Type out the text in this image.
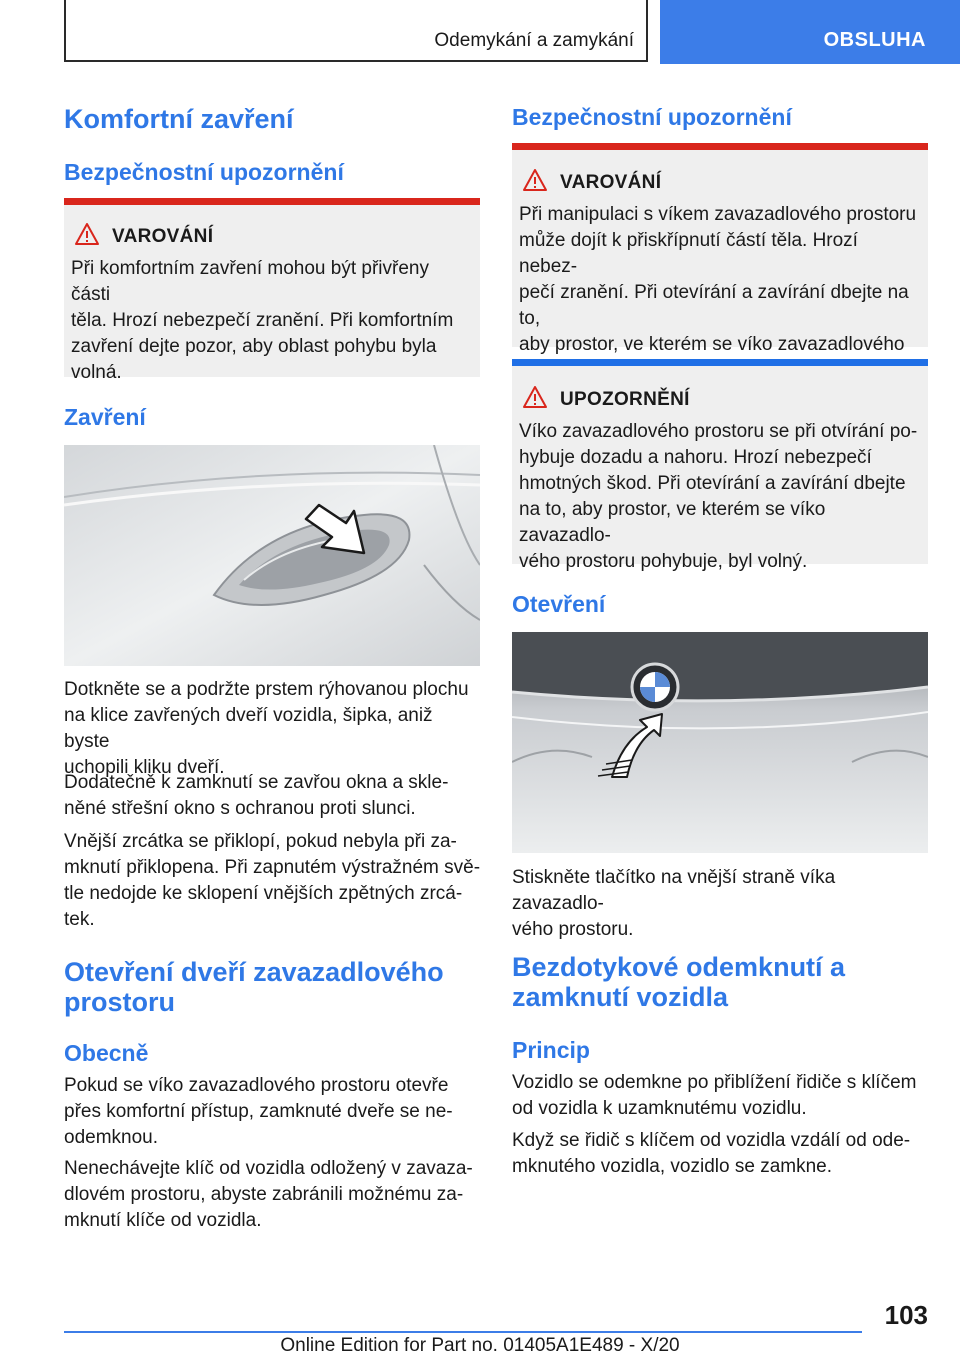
Odemykání a zamykání	OBSLUHA
Komfortní zavření
Bezpečnostní upozornění
VAROVÁNÍ
Při komfortním zavření mohou být přivřeny části
těla. Hrozí nebezpečí zranění. Při komfortním
zavření dejte pozor, aby oblast pohybu byla
volná.
Zavření
Dotkněte se a podržte prstem rýhovanou plochu
na klice zavřených dveří vozidla, šipka, aniž byste
uchopili kliku dveří.
Dodatečně k zamknutí se zavřou okna a skle‐
něné střešní okno s ochranou proti slunci.
Vnější zrcátka se přiklopí, pokud nebyla při za‐
mknutí přiklopena. Při zapnutém výstražném svě‐
tle nedojde ke sklopení vnějších zpětných zrcá‐
tek.
Otevření dveří zavazadlového
prostoru
Obecně
Pokud se víko zavazadlového prostoru otevře
přes komfortní přístup, zamknuté dveře se ne‐
odemknou.
Nenechávejte klíč od vozidla odložený v zavaza‐
dlovém prostoru, abyste zabránili možnému za‐
mknutí klíče od vozidla.
Bezpečnostní upozornění
VAROVÁNÍ
Při manipulaci s víkem zavazadlového prostoru
může dojít k přiskřípnutí částí těla. Hrozí nebez‐
pečí zranění. Při otevírání a zavírání dbejte na to,
aby prostor, ve kterém se víko zavazadlového
UPOZORNĚNÍ
Víko zavazadlového prostoru se při otvírání po‐
hybuje dozadu a nahoru. Hrozí nebezpečí
hmotných škod. Při otevírání a zavírání dbejte
na to, aby prostor, ve kterém se víko zavazadlo‐
vého prostoru pohybuje, byl volný.
Otevření
Stiskněte tlačítko na vnější straně víka zavazadlo‐
vého prostoru.
Bezdotykové odemknutí a
zamknutí vozidla
Princip
Vozidlo se odemkne po přiblížení řidiče s klíčem
od vozidla k uzamknutému vozidlu.
Když se řidič s klíčem od vozidla vzdálí od ode‐
mknutého vozidla, vozidlo se zamkne.
103
Online Edition for Part no. 01405A1E489 - X/20
